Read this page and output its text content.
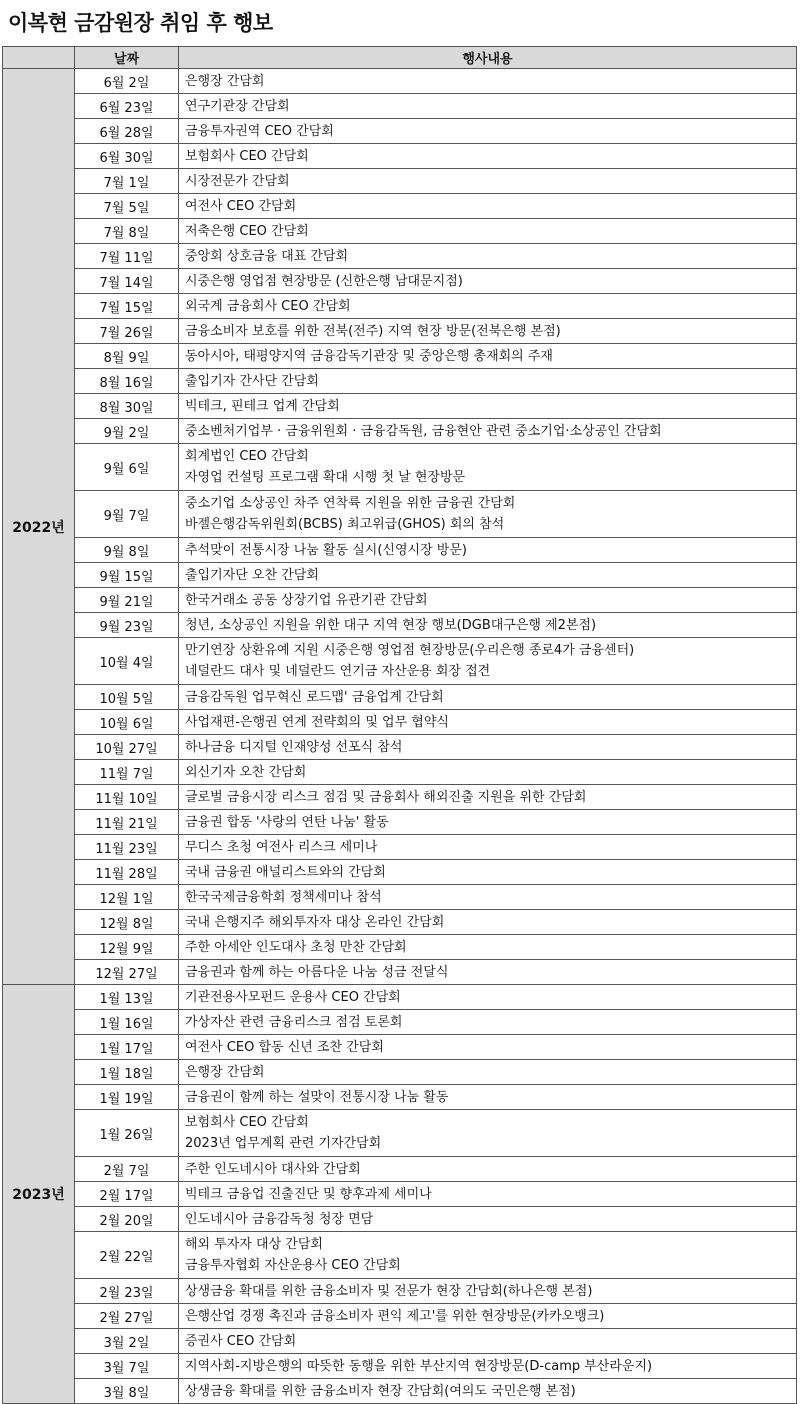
이복현 금감원장 취임 후 행보
	날짜	행사내용
2022년	6월 2일	은행장 간담회

	6월 23일	연구기관장 간담회

	6월 28일	금융투자권역 CEO 간담회

	6월 30일	보험회사 CEO 간담회

	7월 1일	시장전문가 간담회

	7월 5일	여전사 CEO 간담회

	7월 8일	저축은행 CEO 간담회

	7월 11일	중앙회 상호금융 대표 간담회

	7월 14일	시중은행 영업점 현장방문 (신한은행 남대문지점)

	7월 15일	외국계 금융회사 CEO 간담회

	7월 26일	금융소비자 보호를 위한 전북(전주) 지역 현장 방문(전북은행 본점)

	8월 9일	동아시아, 태평양지역 금융감독기관장 및 중앙은행 총재회의 주재

	8월 16일	출입기자 간사단 간담회

	8월 30일	빅테크, 핀테크 업계 간담회

	9월 2일	중소벤처기업부 · 금융위원회 · 금융감독원, 금융현안 관련 중소기업·소상공인 간담회

	9월 6일	회계법인 CEO 간담회
자영업 컨설팅 프로그램 확대 시행 첫 날 현장방문

	9월 7일	중소기업 소상공인 차주 연착륙 지원을 위한 금융권 간담회
바젤은행감독위원회(BCBS) 최고위급(GHOS) 회의 참석

	9월 8일	추석맞이 전통시장 나눔 활동 실시(신영시장 방문)

	9월 15일	출입기자단 오찬 간담회

	9월 21일	한국거래소 공동 상장기업 유관기관 간담회

	9월 23일	청년, 소상공인 지원을 위한 대구 지역 현장 행보(DGB대구은행 제2본점)

	10월 4일	만기연장 상환유예 지원 시중은행 영업점 현장방문(우리은행 종로4가 금융센터)
네덜란드 대사 및 네덜란드 연기금 자산운용 회장 접견

	10월 5일	금융감독원 업무혁신 로드맵' 금융업계 간담회

	10월 6일	사업재편-은행권 연계 전략회의 및 업무 협약식

	10월 27일	하나금융 디지털 인재양성 선포식 참석

	11월 7일	외신기자 오찬 간담회

	11월 10일	글로벌 금융시장 리스크 점검 및 금융회사 해외진출 지원을 위한 간담회

	11월 21일	금융권 합동 '사랑의 연탄 나눔' 활동

	11월 23일	무디스 초청 여전사 리스크 세미나

	11월 28일	국내 금융권 애널리스트와의 간담회

	12월 1일	한국국제금융학회 정책세미나 참석

	12월 8일	국내 은행지주 해외투자자 대상 온라인 간담회

	12월 9일	주한 아세안 인도대사 초청 만찬 간담회

	12월 27일	금융권과 함께 하는 아름다운 나눔 성금 전달식

2023년	1월 13일	기관전용사모펀드 운용사 CEO 간담회

	1월 16일	가상자산 관련 금융리스크 점검 토론회

	1월 17일	여전사 CEO 합동 신년 조찬 간담회

	1월 18일	은행장 간담회

	1월 19일	금융권이 함께 하는 설맞이 전통시장 나눔 활동

	1월 26일	보험회사 CEO 간담회
2023년 업무계획 관련 기자간담회

	2월 7일	주한 인도네시아 대사와 간담회

	2월 17일	빅테크 금융업 진출진단 및 향후과제 세미나

	2월 20일	인도네시아 금융감독청 청장 면담

	2월 22일	해외 투자자 대상 간담회
금융투자협회 자산운용사 CEO 간담회

	2월 23일	상생금융 확대를 위한 금융소비자 및 전문가 현장 간담회(하나은행 본점)

	2월 27일	은행산업 경쟁 촉진과 금융소비자 편익 제고'를 위한 현장방문(카카오뱅크)

	3월 2일	증권사 CEO 간담회

	3월 7일	지역사회-지방은행의 따뜻한 동행을 위한 부산지역 현장방문(D-camp 부산라운지)

	3월 8일	상생금융 확대를 위한 금융소비자 현장 간담회(여의도 국민은행 본점)
